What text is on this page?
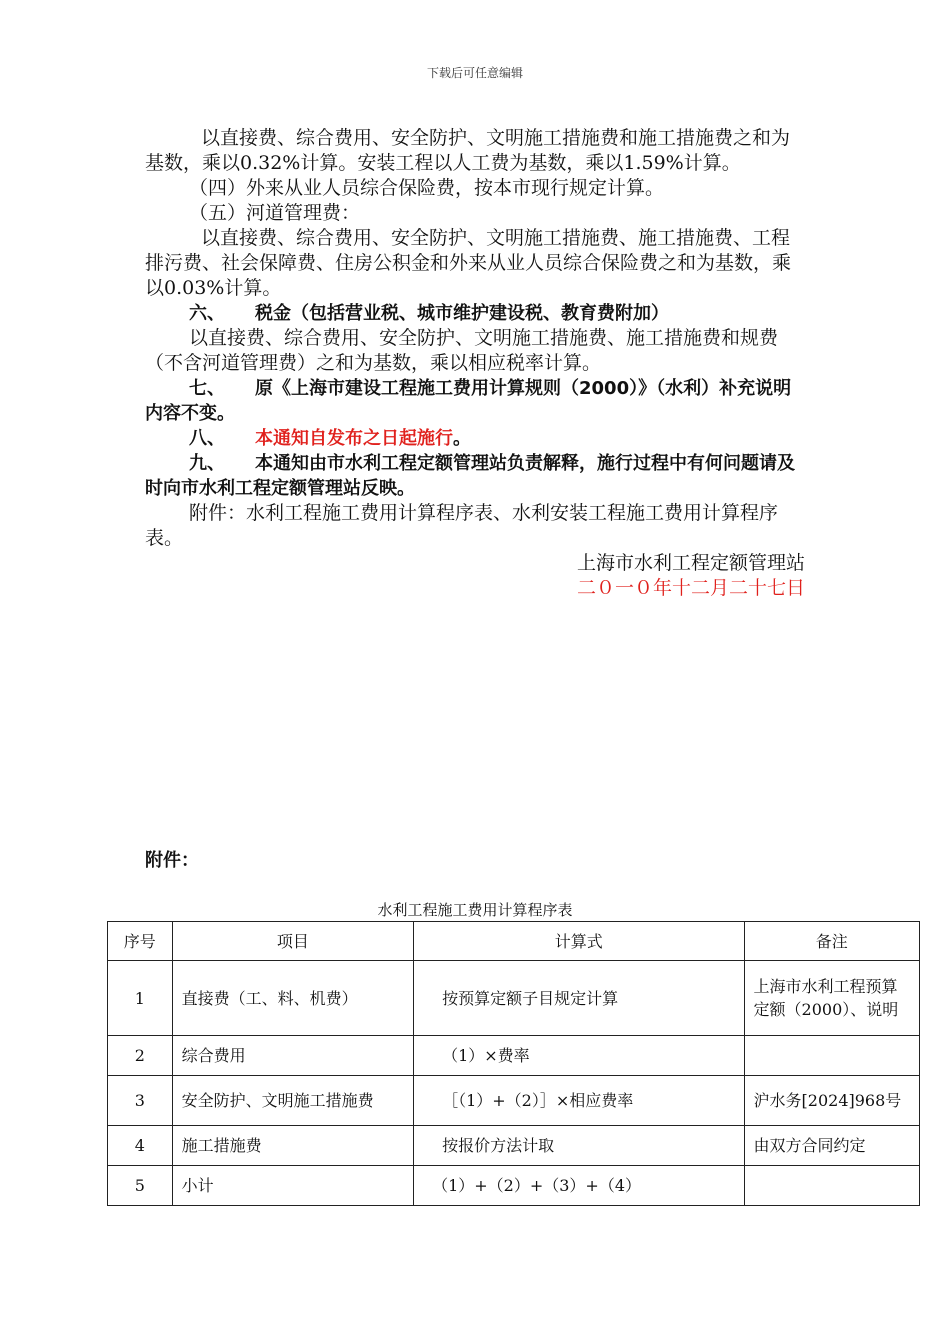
下载后可任意编辑

以直接费、综合费用、安全防护、文明施工措施费和施工措施费之和为基数，乘以0.32%计算。安装工程以人工费为基数，乘以1.59%计算。

（四）外来从业人员综合保险费，按本市现行规定计算。

（五）河道管理费：

以直接费、综合费用、安全防护、文明施工措施费、施工措施费、工程排污费、社会保障费、住房公积金和外来从业人员综合保险费之和为基数，乘以0.03%计算。

六、 税金（包括营业税、城市维护建设税、教育费附加）

以直接费、综合费用、安全防护、文明施工措施费、施工措施费和规费（不含河道管理费）之和为基数，乘以相应税率计算。

七、 原《上海市建设工程施工费用计算规则（2000）》（水利）补充说明内容不变。

八、 本通知自发布之日起施行。

九、 本通知由市水利工程定额管理站负责解释，施行过程中有何问题请及时向市水利工程定额管理站反映。

附件：水利工程施工费用计算程序表、水利安装工程施工费用计算程序表。

上海市水利工程定额管理站

二０一０年十二月二十七日

附件：
水利工程施工费用计算程序表
序号	项目	计算式	备注
1	直接费（工、料、机费）	按预算定额子目规定计算	上海市水利工程预算定额（2000）、说明
2	综合费用	（1）×费率	
3	安全防护、文明施工措施费	［（1）+（2）］×相应费率	沪水务[2024]968号
4	施工措施费	按报价方法计取	由双方合同约定
5	小计	（1）+（2）+（3）+（4）	
